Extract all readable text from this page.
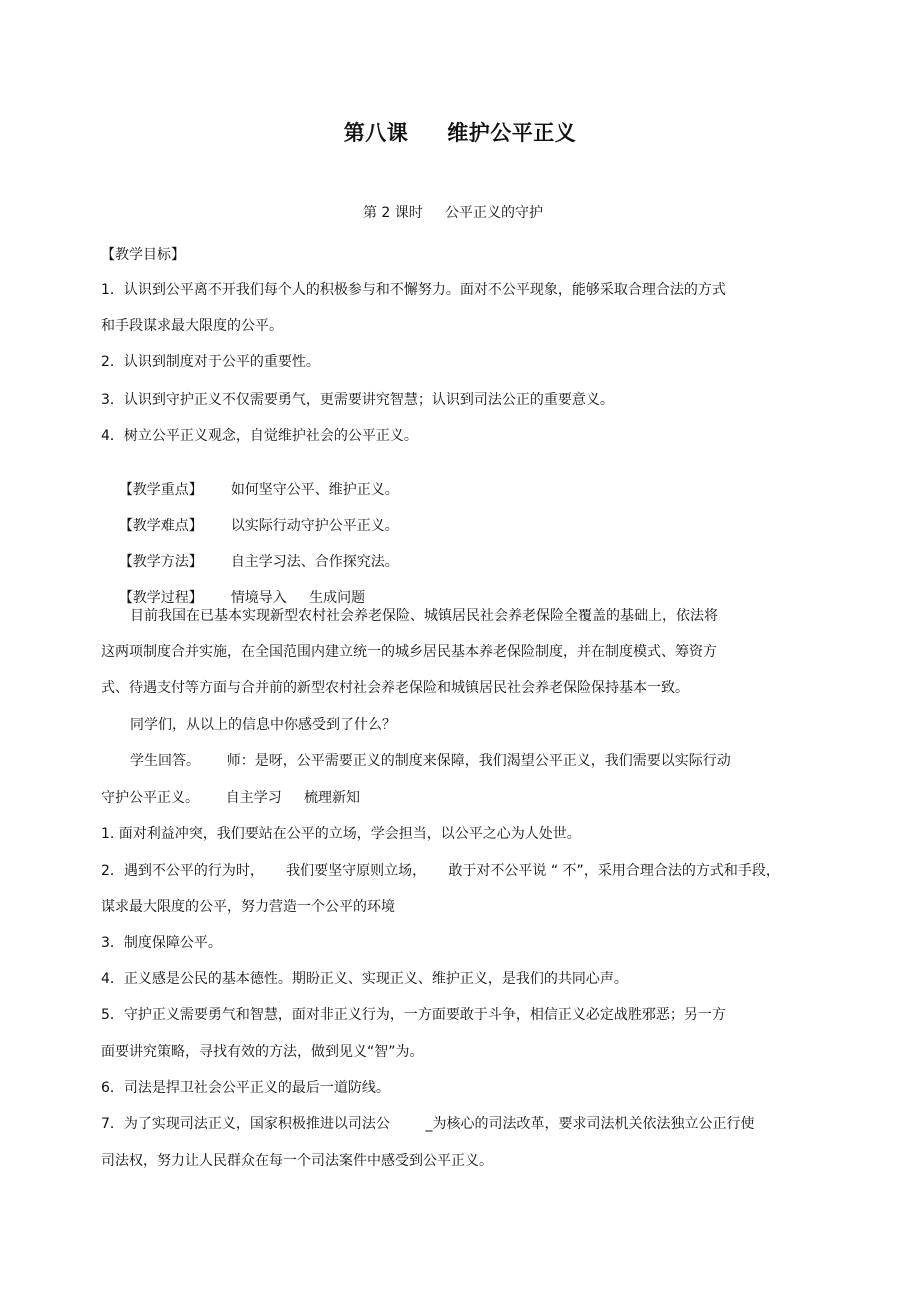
第八课     维护公平正义
第 2 课时     公平正义的守护
【教学目标】
1．认识到公平离不开我们每个人的积极参与和不懈努力。面对不公平现象，能够采取合理合法的方式
和手段谋求最大限度的公平。
2．认识到制度对于公平的重要性。
3．认识到守护正义不仅需要勇气，更需要讲究智慧；认识到司法公正的重要意义。
4．树立公平正义观念，自觉维护社会的公平正义。

【教学重点】 如何坚守公平、维护正义。

【教学难点】 以实际行动守护公平正义。

【教学方法】 自主学习法、合作探究法。

【教学过程】 情境导入     生成问题

目前我国在已基本实现新型农村社会养老保险、城镇居民社会养老保险全覆盖的基础上，依法将
这两项制度合并实施，在全国范围内建立统一的城乡居民基本养老保险制度，并在制度模式、筹资方
式、待遇支付等方面与合并前的新型农村社会养老保险和城镇居民社会养老保险保持基本一致。
同学们，从以上的信息中你感受到了什么？
学生回答。      师：是呀，公平需要正义的制度来保障，我们渴望公平正义，我们需要以实际行动
守护公平正义。      自主学习     梳理新知
1. 面对利益冲突，我们要站在公平的立场，学会担当，以公平之心为人处世。
2．遇到不公平的行为时，     我们要坚守原则立场，     敢于对不公平说 “ 不”，采用合理合法的方式和手段，
谋求最大限度的公平，努力营造一个公平的环境
3．制度保障公平。
4．正义感是公民的基本德性。期盼正义、实现正义、维护正义，是我们的共同心声。
5．守护正义需要勇气和智慧，面对非正义行为，一方面要敢于斗争，相信正义必定战胜邪恶；另一方
面要讲究策略，寻找有效的方法，做到见义“智”为。
6．司法是捍卫社会公平正义的最后一道防线。
7．为了实现司法正义，国家积极推进以司法公        _为核心的司法改革，要求司法机关依法独立公正行使
司法权，努力让人民群众在每一个司法案件中感受到公平正义。
